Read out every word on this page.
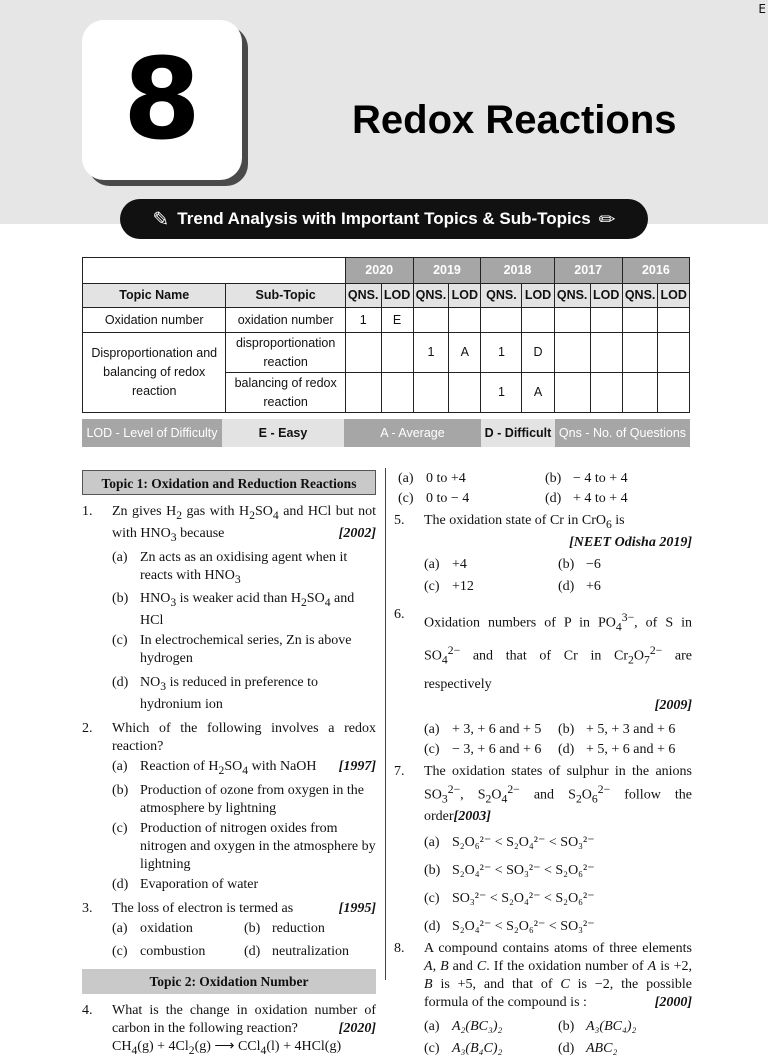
E
8	Redox Reactions
✎ Trend Analysis with Important Topics & Sub-Topics ✏
		2020		2019		2018		2017		2016	
Topic Name	Sub-Topic	QNS.	LOD	QNS.	LOD	QNS.	LOD	QNS.	LOD	QNS.	LOD
Oxidation number	oxidation number	1	E								
Disproportionation and balancing of redox reaction	disproportionation reaction			1	A	1	D				
	balancing of redox reaction					1	A				
LOD - Level of Difficulty	E - Easy	A - Average	D - Difficult Qns - No. of Questions
Topic 1: Oxidation and Reduction Reactions
1.	Zn gives $H_2$ gas with $H_2SO_4$ and HCl but not with $HNO_3$ because	[2002]
(a) Zn acts as an oxidising agent when it reacts with $HNO_3$
(b) $HNO_3$ is weaker acid than $H_2SO_4$ and HCl
(c) In electrochemical series, Zn is above hydrogen
(d) $NO_3$ is reduced in preference to hydronium ion
2.	Which of the following involves a redox reaction?
(a) Reaction of $H_2SO_4$ with NaOH [1997]
(b) Production of ozone from oxygen in the atmosphere by lightning
(c) Production of nitrogen oxides from nitrogen and oxygen in the atmosphere by lightning
(d) Evaporation of water
3.	The loss of electron is termed as	[1995]
(a) oxidation	(b) reduction
(c) combustion	(d) neutralization
Topic 2: Oxidation Number
4.	What is the change in oxidation number of carbon in the following reaction?	[2020]

$CH_4(g) + 4Cl_2(g)$ ⟶ CCl$_4$(l) + 4HCl(g)
(a) 0 to +4	(b) − 4 to + 4
(c) 0 to − 4	(d) + 4 to + 4
5.	The oxidation state of Cr in CrO$_6$ is
[NEET Odisha 2019]
(a) +4	(b) −6
(c) +12	(d) +6
6.
Oxidation numbers of P in $PO_4^{3-}$, of S in $SO_4^{2-}$ and that of Cr in $Cr_2O_7^{2-}$ are respectively
[2009]
(a) + 3, + 6 and + 5 (b) + 5, + 3 and + 6
(c) − 3, + 6 and + 6 (d) + 5, + 6 and + 6
7.	The oxidation states of sulphur in the anions $SO_3^{2-}$, $S_2O_4^{2-}$ and $S_2O_6^{2-}$ follow the order[2003]
(a) S₂O₆²⁻ < S₂O₄²⁻ < SO₃²⁻
(b) S₂O₄²⁻ < SO₃²⁻ < S₂O₆²⁻
(c) SO₃²⁻ < S₂O₄²⁻ < S₂O₆²⁻
(d) S₂O₄²⁻ < S₂O₆²⁻ < SO₃²⁻
8.	A compound contains atoms of three elements A, B and C. If the oxidation number of A is +2, B is +5, and that of C is −2, the possible formula of the compound is :	[2000]
(a) A₂(BC₃)₂	(b) A₃(BC₄)₂
(c) A₃(B₄C)₂	(d) ABC₂
